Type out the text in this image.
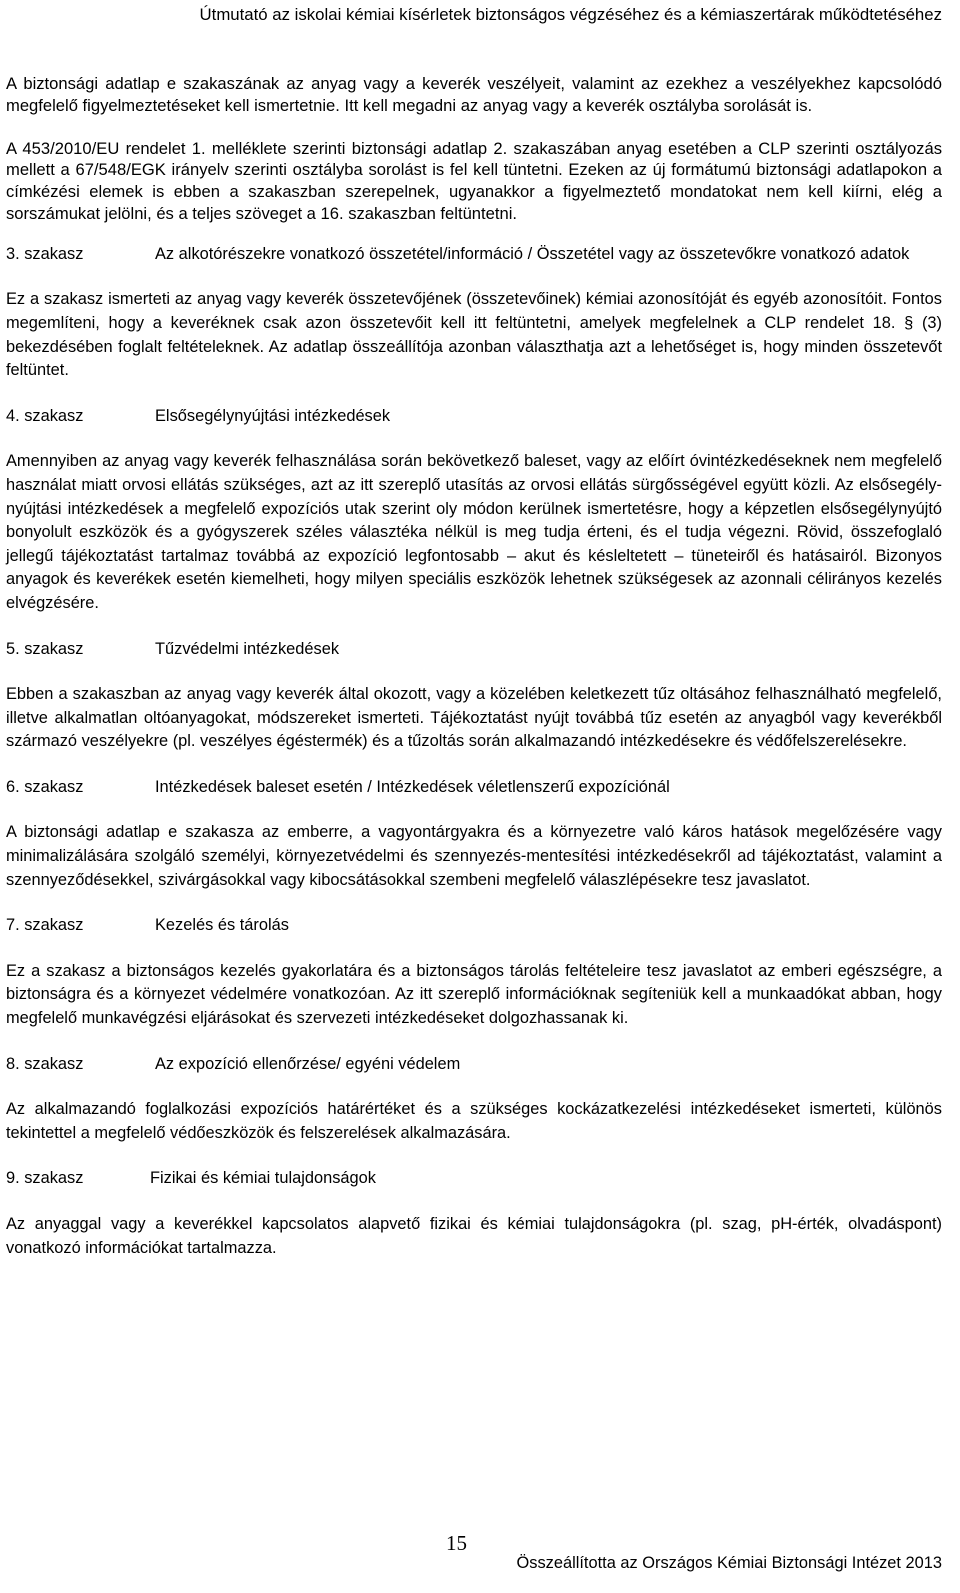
Útmutató az iskolai kémiai kísérletek biztonságos végzéséhez és a kémiaszertárak működtetéséhez

A biztonsági adatlap e szakaszának az anyag vagy a keverék veszélyeit, valamint az ezekhez a veszélyekhez kapcsolódó megfelelő figyelmeztetéseket kell ismertetnie. Itt kell megadni az anyag vagy a keverék osztályba sorolását is.

A 453/2010/EU rendelet 1. melléklete szerinti biztonsági adatlap 2. szakaszában anyag esetében a CLP szerinti osztályozás mellett a 67/548/EGK irányelv szerinti osztályba sorolást is fel kell tüntetni. Ezeken az új formátumú biztonsági adatlapokon a címkézési elemek is ebben a szakaszban szerepelnek, ugyanakkor a figyelmeztető mondatokat nem kell kiírni, elég a sorszámukat jelölni, és a teljes szöveget a 16. szakaszban feltüntetni.

3. szakasz	Az alkotórészekre vonatkozó összetétel/információ / Összetétel vagy az összetevőkre vonatkozó adatok

Ez a szakasz ismerteti az anyag vagy keverék összetevőjének (összetevőinek) kémiai azonosítóját és egyéb azonosítóit. Fontos megemlíteni, hogy a keveréknek csak azon összetevőit kell itt feltüntetni, amelyek megfelelnek a CLP rendelet 18. § (3) bekezdésében foglalt feltételeknek. Az adatlap összeállítója azonban választhatja azt a lehetőséget is, hogy minden összetevőt feltüntet.

4. szakasz	Elsősegélynyújtási intézkedések

Amennyiben az anyag vagy keverék felhasználása során bekövetkező baleset, vagy az előírt óvintézkedéseknek nem megfelelő használat miatt orvosi ellátás szükséges, azt az itt szereplő utasítás az orvosi ellátás sürgősségével együtt közli. Az elsősegély-nyújtási intézkedések a megfelelő expozíciós utak szerint oly módon kerülnek ismertetésre, hogy a képzetlen elsősegélynyújtó bonyolult eszközök és a gyógyszerek széles választéka nélkül is meg tudja érteni, és el tudja végezni. Rövid, összefoglaló jellegű tájékoztatást tartalmaz továbbá az expozíció legfontosabb – akut és késleltetett – tüneteiről és hatásairól. Bizonyos anyagok és keverékek esetén kiemelheti, hogy milyen speciális eszközök lehetnek szükségesek az azonnali célirányos kezelés elvégzésére.

5. szakasz	Tűzvédelmi intézkedések

Ebben a szakaszban az anyag vagy keverék által okozott, vagy a közelében keletkezett tűz oltásához felhasználható megfelelő, illetve alkalmatlan oltóanyagokat, módszereket ismerteti. Tájékoztatást nyújt továbbá tűz esetén az anyagból vagy keverékből származó veszélyekre (pl. veszélyes égéstermék) és a tűzoltás során alkalmazandó intézkedésekre és védőfelszerelésekre.

6. szakasz	Intézkedések baleset esetén / Intézkedések véletlenszerű expozíciónál

A biztonsági adatlap e szakasza az emberre, a vagyontárgyakra és a környezetre való káros hatások megelőzésére vagy minimalizálására szolgáló személyi, környezetvédelmi és szennyezés-mentesítési intézkedésekről ad tájékoztatást, valamint a szennyeződésekkel, szivárgásokkal vagy kibocsátásokkal szembeni megfelelő válaszlépésekre tesz javaslatot.

7. szakasz	Kezelés és tárolás

Ez a szakasz a biztonságos kezelés gyakorlatára és a biztonságos tárolás feltételeire tesz javaslatot az emberi egészségre, a biztonságra és a környezet védelmére vonatkozóan. Az itt szereplő információknak segíteniük kell a munkaadókat abban, hogy megfelelő munkavégzési eljárásokat és szervezeti intézkedéseket dolgozhassanak ki.

8. szakasz	Az expozíció ellenőrzése/ egyéni védelem

Az alkalmazandó foglalkozási expozíciós határértéket és a szükséges kockázatkezelési intézkedéseket ismerteti, különös tekintettel a megfelelő védőeszközök és felszerelések alkalmazására.

9. szakasz	Fizikai és kémiai tulajdonságok

Az anyaggal vagy a keverékkel kapcsolatos alapvető fizikai és kémiai tulajdonságokra (pl. szag, pH-érték, olvadáspont) vonatkozó információkat tartalmazza.

15
Összeállította az Országos Kémiai Biztonsági Intézet 2013
